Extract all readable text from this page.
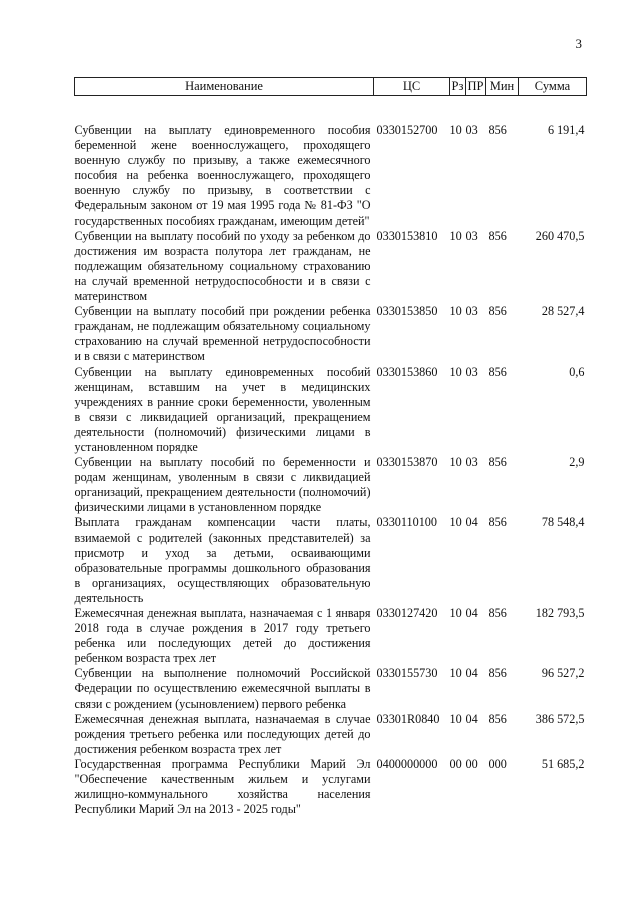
3
Наименование	ЦС	Рз	ПР	Мин	Сумма
Субвенции на выплату единовременного пособия беременной жене военнослужащего, проходящего военную службу по призыву, а также ежемесячного пособия на ребенка военнослужащего, проходящего военную службу по призыву, в соответствии с Федеральным законом от 19 мая 1995 года № 81-ФЗ "О государственных пособиях гражданам, имеющим детей"	0330152700	10	03	856	6 191,4
Субвенции на выплату пособий по уходу за ребенком до достижения им возраста полутора лет гражданам, не подлежащим обязательному социальному страхованию на случай временной нетрудоспособности и в связи с материнством	0330153810	10	03	856	260 470,5
Субвенции на выплату пособий при рождении ребенка гражданам, не подлежащим обязательному социальному страхованию на случай временной нетрудоспособности и в связи с материнством	0330153850	10	03	856	28 527,4
Субвенции на выплату единовременных пособий женщинам, вставшим на учет в медицинских учреждениях в ранние сроки беременности, уволенным в связи с ликвидацией организаций, прекращением деятельности (полномочий) физическими лицами в установленном порядке	0330153860	10	03	856	0,6
Субвенции на выплату пособий по беременности и родам женщинам, уволенным в связи с ликвидацией организаций, прекращением деятельности (полномочий) физическими лицами в установленном порядке	0330153870	10	03	856	2,9
Выплата гражданам компенсации части платы, взимаемой с родителей (законных представителей) за присмотр и уход за детьми, осваивающими образовательные программы дошкольного образования в организациях, осуществляющих образовательную деятельность	0330110100	10	04	856	78 548,4
Ежемесячная денежная выплата, назначаемая с 1 января 2018 года в случае рождения в 2017 году третьего ребенка или последующих детей до достижения ребенком возраста трех лет	0330127420	10	04	856	182 793,5
Субвенции на выполнение полномочий Российской Федерации по осуществлению ежемесячной выплаты в связи с рождением (усыновлением) первого ребенка	0330155730	10	04	856	96 527,2
Ежемесячная денежная выплата, назначаемая в случае рождения третьего ребенка или последующих детей до достижения ребенком возраста трех лет	03301R0840	10	04	856	386 572,5
Государственная программа Республики Марий Эл "Обеспечение качественным жильем и услугами жилищно-коммунального хозяйства населения Республики Марий Эл на 2013 - 2025 годы"	0400000000	00	00	000	51 685,2
